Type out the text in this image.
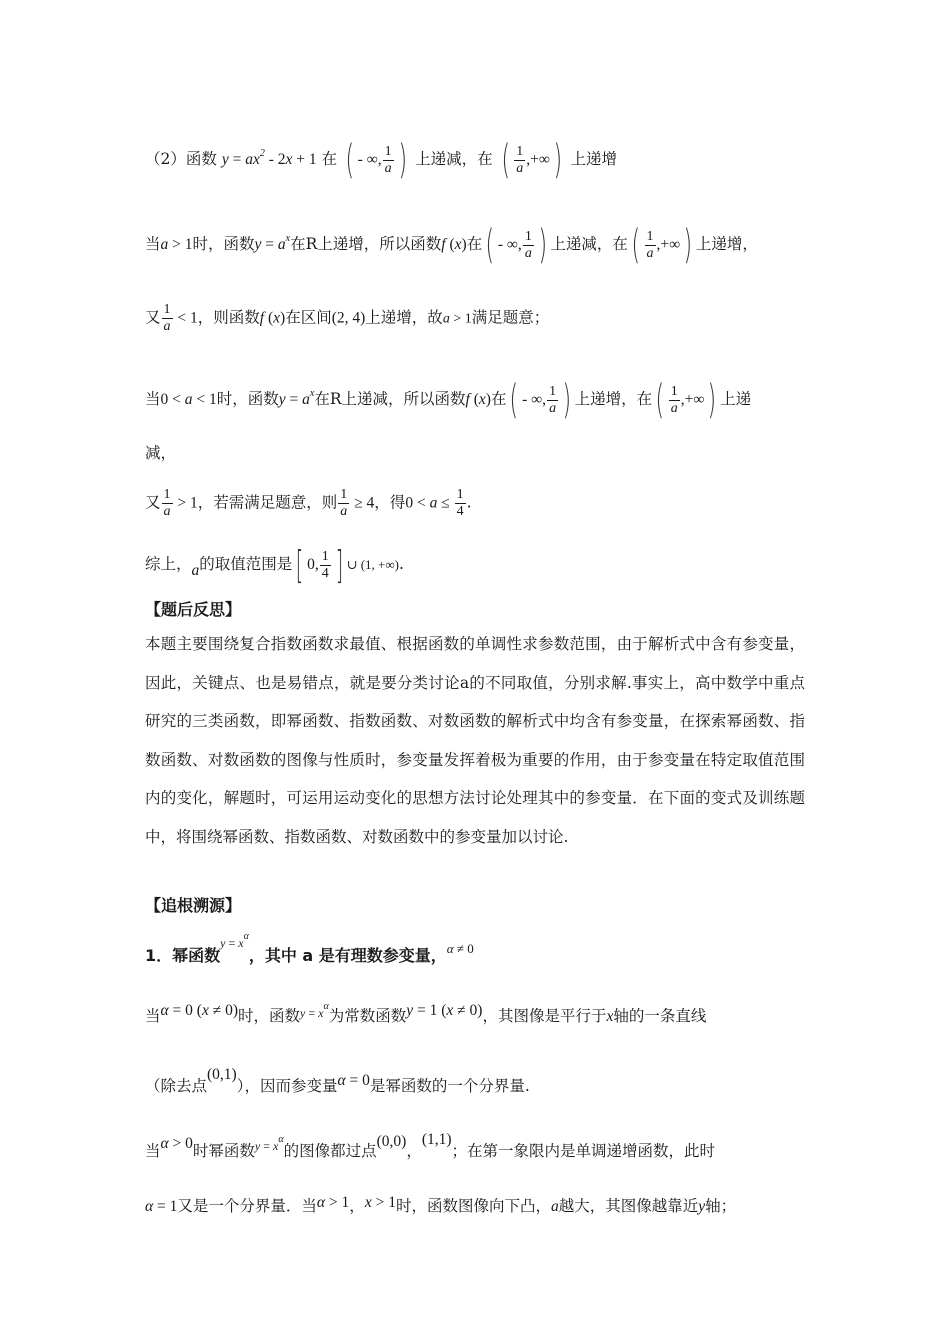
（2）函数 $y = ax^2 - 2x + 1$ 在 ( - ∞, $\frac{1}{a}$ ) 上递减，在 ( $\frac{1}{a}$ ,+∞ ) 上递增
当a > 1时，函数$y = a^x$在R上递增，所以函数f (x)在 ( - ∞, $\frac{1}{a}$ ) 上递减，在 ( $\frac{1}{a}$ ,+∞ ) 上递增，
又 $\frac{1}{a} < 1$，则函数f (x)在区间(2, 4)上递增，故a > 1满足题意；
当0 < a < 1时，函数$y = a^x$在R上递减，所以函数f (x)在 ( - ∞, $\frac{1}{a}$ ) 上递增，在 ( $\frac{1}{a}$ ,+∞ ) 上递
减，
又 $\frac{1}{a} > 1$，若需满足题意，则 $\frac{1}{a} \ge 4$，得$0 < a \le \frac{1}{4}$ .
综上，a的取值范围是 [ 0, $\frac{1}{4}$ ] ∪ (1, +∞) .
【题后反思】
本题主要围绕复合指数函数求最值、根据函数的单调性求参数范围，由于解析式中含有参变量，因此，关键点、也是易错点，就是要分类讨论a的不同取值，分别求解.事实上，高中数学中重点研究的三类函数，即幂函数、指数函数、对数函数的解析式中均含有参变量，在探索幂函数、指数函数、对数函数的图像与性质时，参变量发挥着极为重要的作用，由于参变量在特定取值范围内的变化，解题时，可运用运动变化的思想方法讨论处理其中的参变量．在下面的变式及训练题中，将围绕幂函数、指数函数、对数函数中的参变量加以讨论.
【追根溯源】
1．幂函数$^{y = x^\alpha}$，其中 a 是有理数参变量，$^{\alpha \ne 0}$
当α = 0 (x ≠ 0)时，函数$^{y = x^\alpha}$为常数函数y = 1 (x ≠ 0)，其图像是平行于x轴的一条直线
（除去点(0,1)），因而参变量α = 0是幂函数的一个分界量.
当α > 0时幂函数$^{y = x^\alpha}$的图像都过点(0,0)，(1,1)；在第一象限内是单调递增函数，此时
α = 1又是一个分界量．当α > 1，x > 1时，函数图像向下凸，a越大，其图像越靠近y轴；
